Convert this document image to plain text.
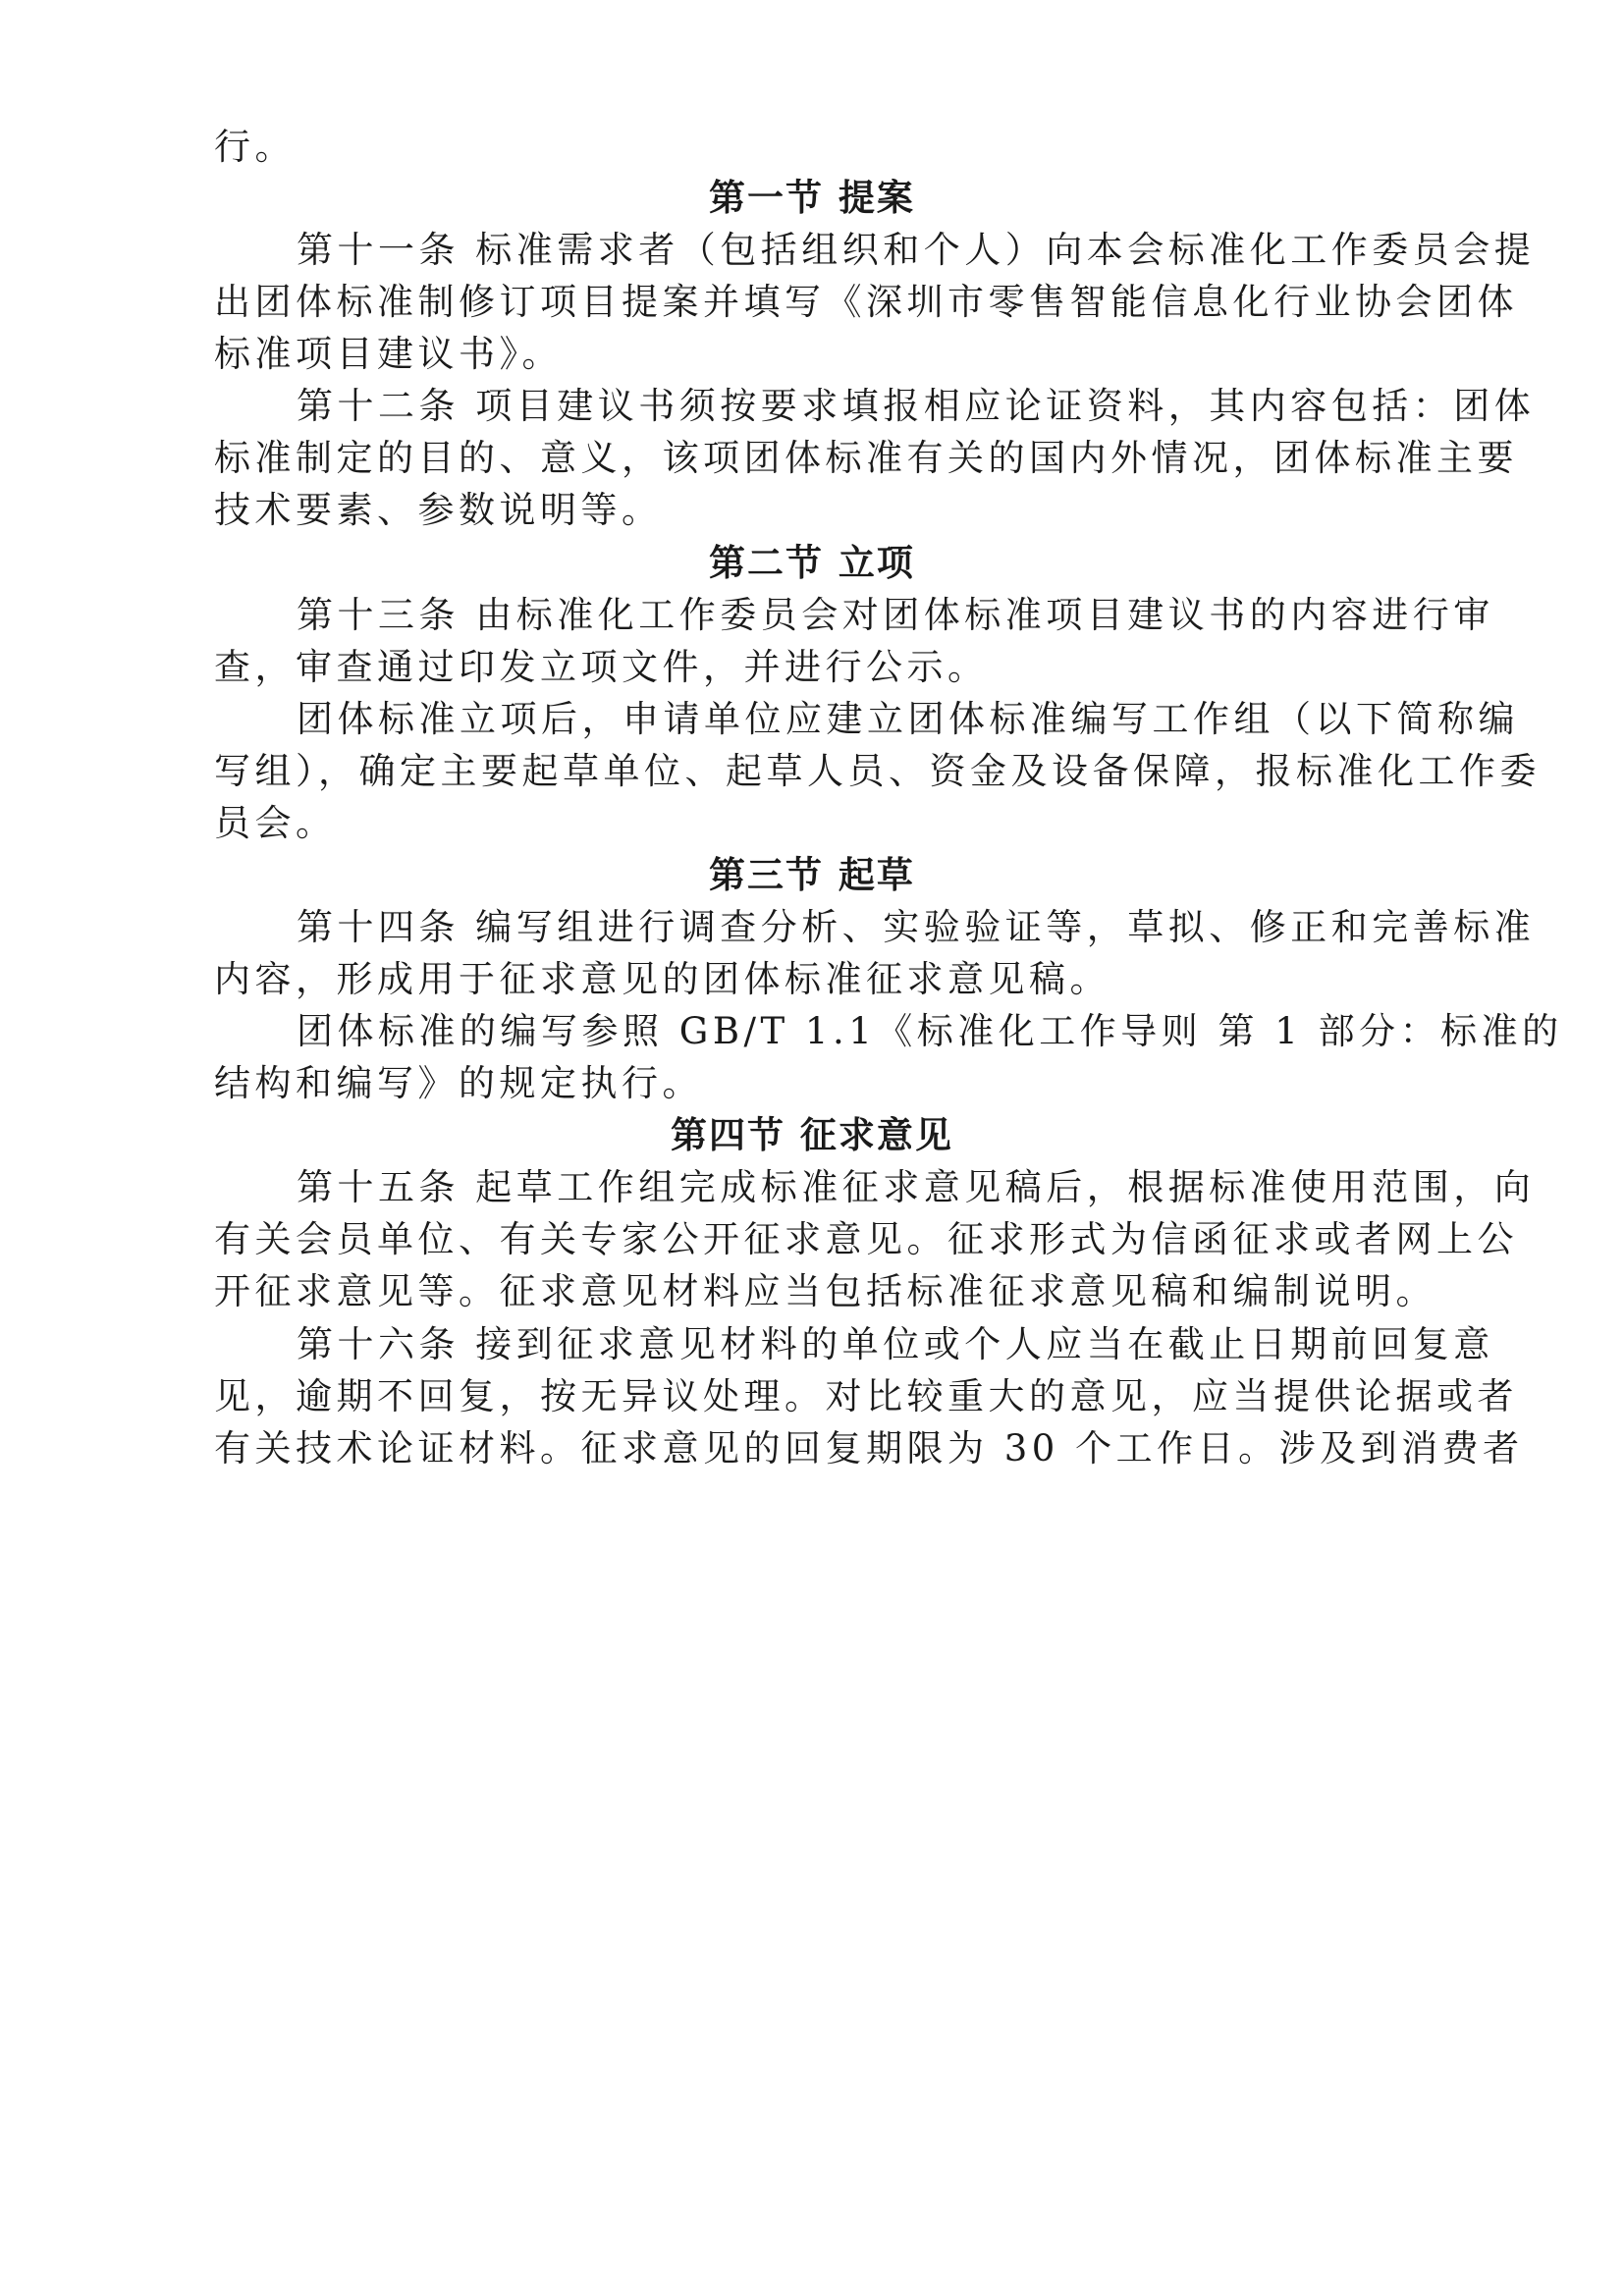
行。
第一节 提案
第十一条 标准需求者（包括组织和个人）向本会标准化工作委员会提
出团体标准制修订项目提案并填写《深圳市零售智能信息化行业协会团体
标准项目建议书》。
第十二条 项目建议书须按要求填报相应论证资料，其内容包括：团体
标准制定的目的、意义，该项团体标准有关的国内外情况，团体标准主要
技术要素、参数说明等。
第二节 立项
第十三条 由标准化工作委员会对团体标准项目建议书的内容进行审
查，审查通过印发立项文件，并进行公示。
团体标准立项后，申请单位应建立团体标准编写工作组（以下简称编
写组），确定主要起草单位、起草人员、资金及设备保障，报标准化工作委
员会。
第三节 起草
第十四条 编写组进行调查分析、实验验证等，草拟、修正和完善标准
内容，形成用于征求意见的团体标准征求意见稿。
团体标准的编写参照 GB/T 1.1《标准化工作导则 第 1 部分：标准的
结构和编写》的规定执行。
第四节 征求意见
第十五条 起草工作组完成标准征求意见稿后，根据标准使用范围，向
有关会员单位、有关专家公开征求意见。征求形式为信函征求或者网上公
开征求意见等。征求意见材料应当包括标准征求意见稿和编制说明。
第十六条 接到征求意见材料的单位或个人应当在截止日期前回复意
见，逾期不回复，按无异议处理。对比较重大的意见，应当提供论据或者
有关技术论证材料。征求意见的回复期限为 30 个工作日。涉及到消费者
